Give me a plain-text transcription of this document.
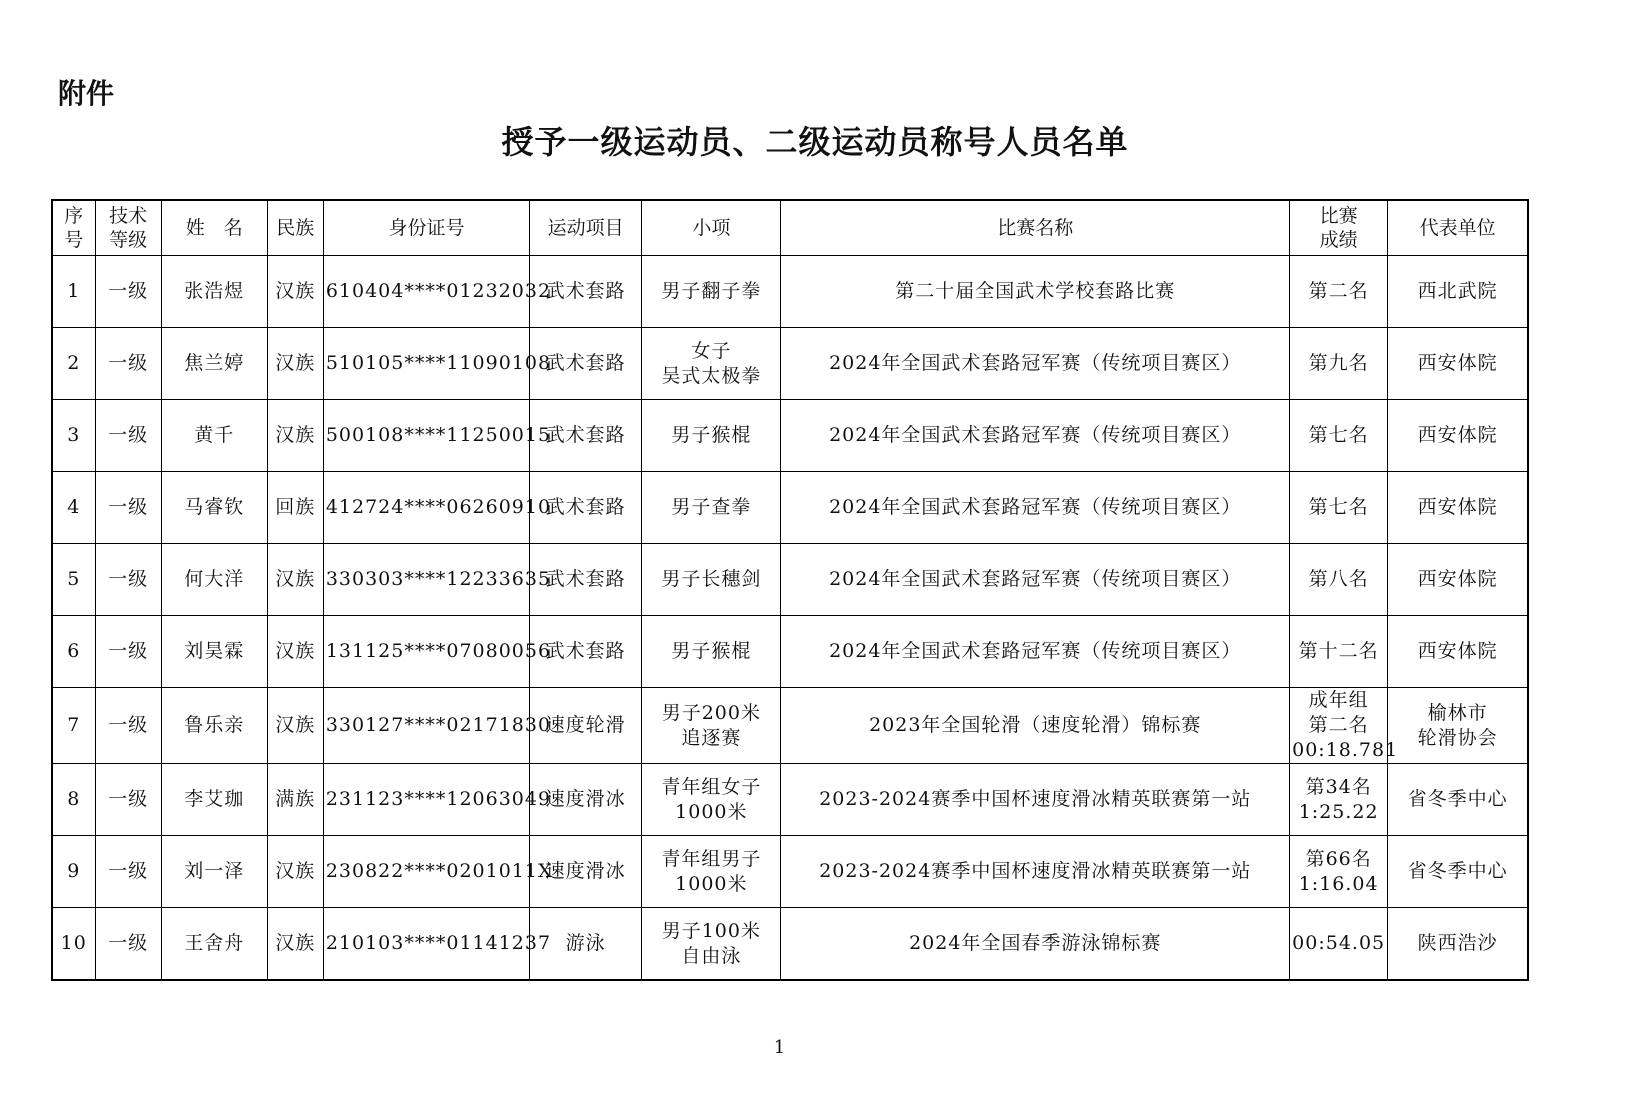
附件
授予一级运动员、二级运动员称号人员名单
序
号	技术
等级	姓　名	民族	身份证号	运动项目	小项	比赛名称	比赛
成绩	代表单位
1	一级	张浩煜	汉族	610404****01232032	武术套路	男子翻子拳	第二十届全国武术学校套路比赛	第二名	西北武院
2	一级	焦兰婷	汉族	510105****11090108	武术套路	女子
吴式太极拳	2024年全国武术套路冠军赛（传统项目赛区）	第九名	西安体院
3	一级	黄千	汉族	500108****11250015	武术套路	男子猴棍	2024年全国武术套路冠军赛（传统项目赛区）	第七名	西安体院
4	一级	马睿钦	回族	412724****06260910	武术套路	男子查拳	2024年全国武术套路冠军赛（传统项目赛区）	第七名	西安体院
5	一级	何大洋	汉族	330303****12233635	武术套路	男子长穗剑	2024年全国武术套路冠军赛（传统项目赛区）	第八名	西安体院
6	一级	刘昊霖	汉族	131125****07080056	武术套路	男子猴棍	2024年全国武术套路冠军赛（传统项目赛区）	第十二名	西安体院
7	一级	鲁乐亲	汉族	330127****02171830	速度轮滑	男子200米
追逐赛	2023年全国轮滑（速度轮滑）锦标赛	成年组
第二名
00:18.781	榆林市
轮滑协会
8	一级	李艾珈	满族	231123****12063049	速度滑冰	青年组女子
1000米	2023-2024赛季中国杯速度滑冰精英联赛第一站	第34名
1:25.22	省冬季中心
9	一级	刘一泽	汉族	230822****0201011X	速度滑冰	青年组男子
1000米	2023-2024赛季中国杯速度滑冰精英联赛第一站	第66名
1:16.04	省冬季中心
10	一级	王舍舟	汉族	210103****01141237	游泳	男子100米
自由泳	2024年全国春季游泳锦标赛	00:54.05	陕西浩沙
1
